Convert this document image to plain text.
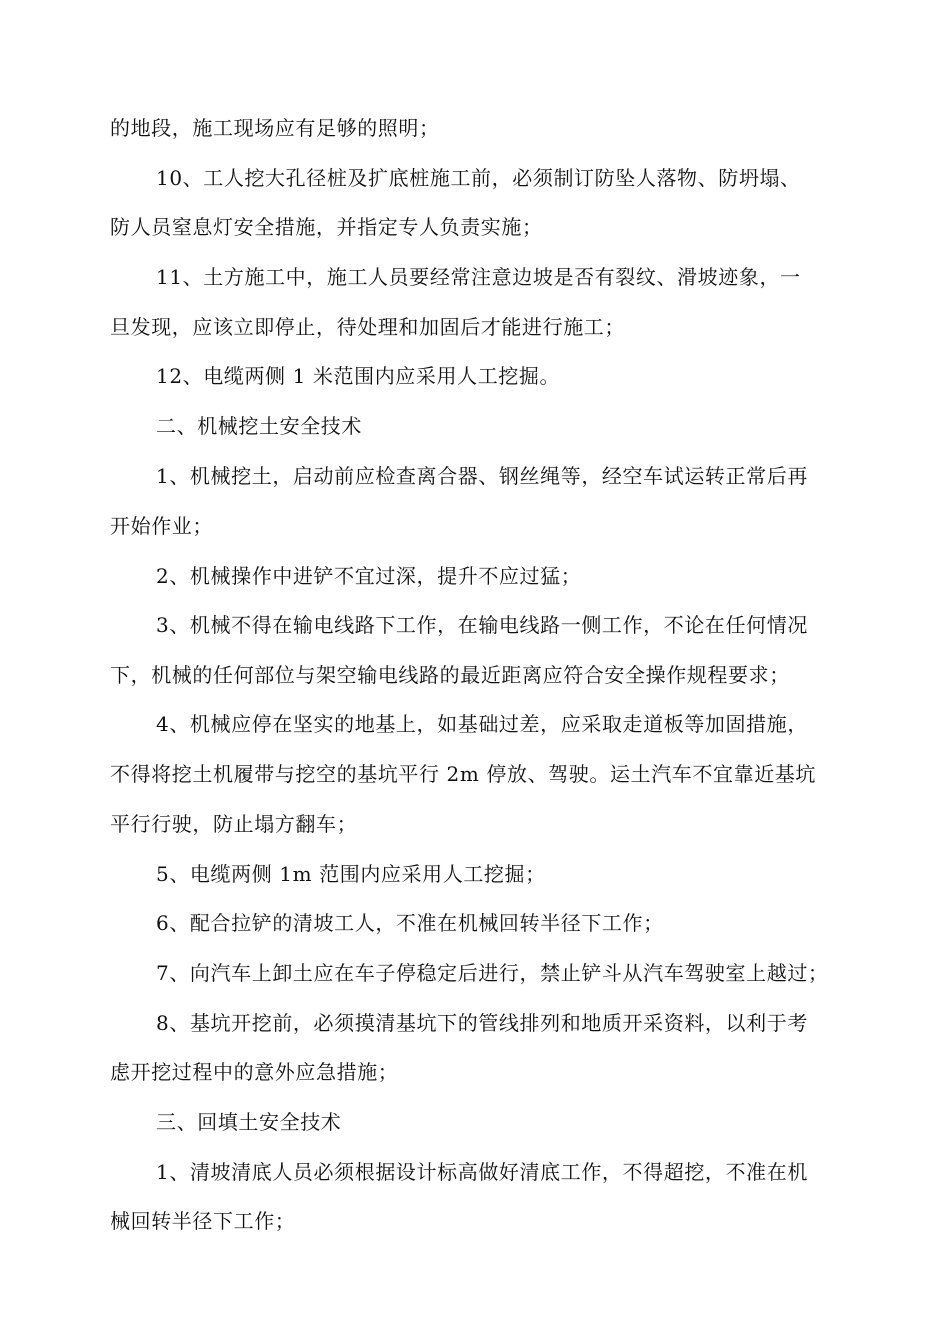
的地段，施工现场应有足够的照明；
10、工人挖大孔径桩及扩底桩施工前，必须制订防坠人落物、防坍塌、
防人员窒息灯安全措施，并指定专人负责实施；
11、土方施工中，施工人员要经常注意边坡是否有裂纹、滑坡迹象，一
旦发现，应该立即停止，待处理和加固后才能进行施工；
12、电缆两侧 1 米范围内应采用人工挖掘。
二、机械挖土安全技术
1、机械挖土，启动前应检查离合器、钢丝绳等，经空车试运转正常后再
开始作业；
2、机械操作中进铲不宜过深，提升不应过猛；
3、机械不得在输电线路下工作，在输电线路一侧工作，不论在任何情况
下，机械的任何部位与架空输电线路的最近距离应符合安全操作规程要求；
4、机械应停在坚实的地基上，如基础过差，应采取走道板等加固措施，
不得将挖土机履带与挖空的基坑平行 2m 停放、驾驶。运土汽车不宜靠近基坑
平行行驶，防止塌方翻车；
5、电缆两侧 1m 范围内应采用人工挖掘；
6、配合拉铲的清坡工人，不准在机械回转半径下工作；
7、向汽车上卸土应在车子停稳定后进行，禁止铲斗从汽车驾驶室上越过；
8、基坑开挖前，必须摸清基坑下的管线排列和地质开采资料，以利于考
虑开挖过程中的意外应急措施；
三、回填土安全技术
1、清坡清底人员必须根据设计标高做好清底工作，不得超挖，不准在机
械回转半径下工作；
